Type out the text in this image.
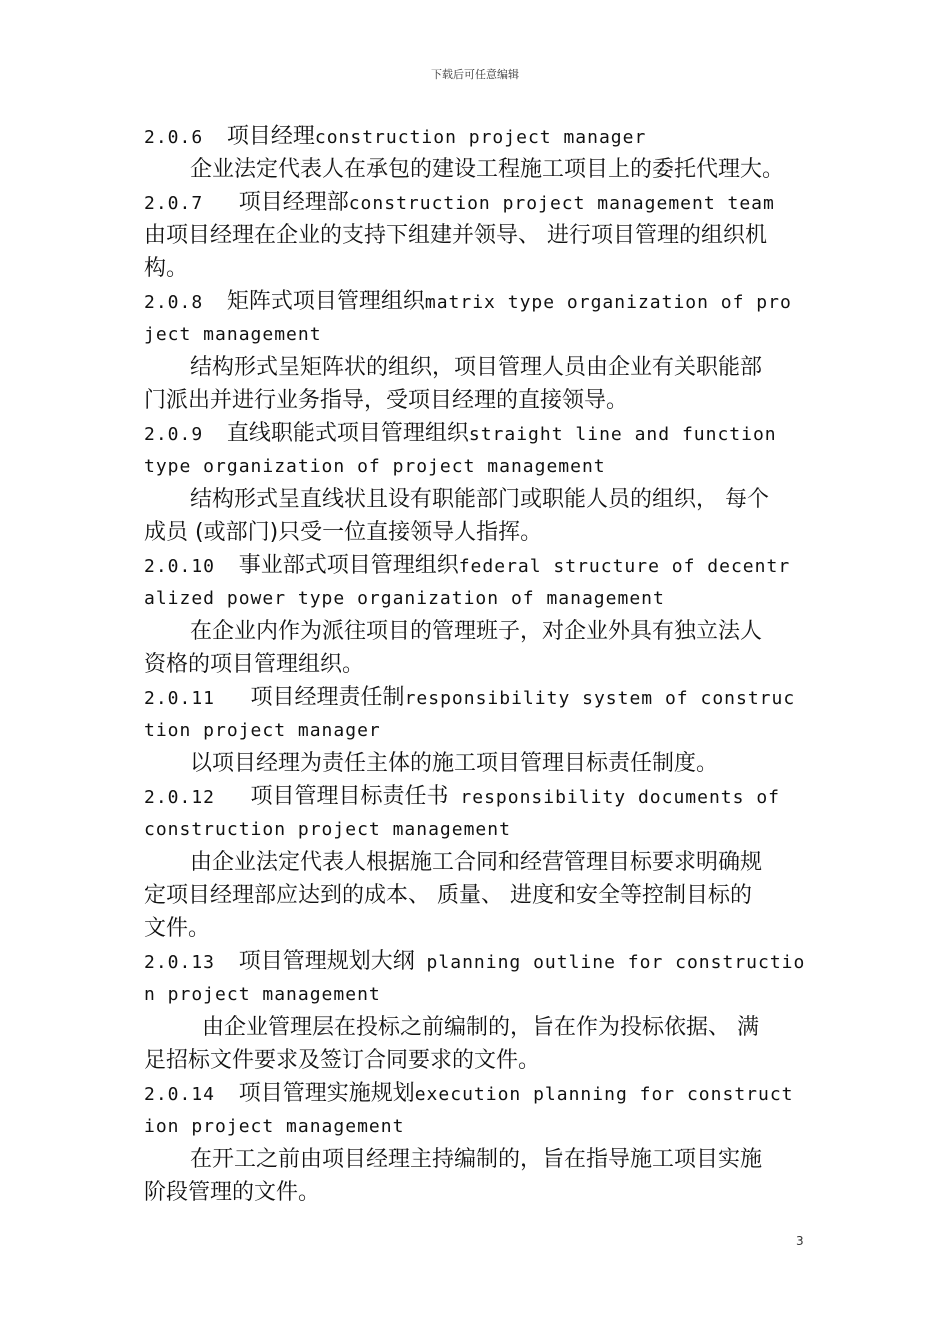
下载后可任意编辑
2.0.6  项目经理construction project manager
企业法定代表人在承包的建设工程施工项目上的委托代理大。
2.0.7   项目经理部construction project management team
由项目经理在企业的支持下组建并领导、 进行项目管理的组织机
构。
2.0.8  矩阵式项目管理组织matrix type organization of pro
ject management
结构形式呈矩阵状的组织，项目管理人员由企业有关职能部
门派出并进行业务指导，受项目经理的直接领导。
2.0.9  直线职能式项目管理组织straight line and function
type organization of project management
结构形式呈直线状且设有职能部门或职能人员的组织， 每个
成员 (或部门)只受一位直接领导人指挥。
2.0.10  事业部式项目管理组织federal structure of decentr
alized power type organization of management
在企业内作为派往项目的管理班子，对企业外具有独立法人
资格的项目管理组织。
2.0.11   项目经理责任制responsibility system of construc
tion project manager
以项目经理为责任主体的施工项目管理目标责任制度。
2.0.12   项目管理目标责任书 responsibility documents of
construction project management
由企业法定代表人根据施工合同和经营管理目标要求明确规
定项目经理部应达到的成本、 质量、 进度和安全等控制目标的
文件。
2.0.13  项目管理规划大纲 planning outline for constructio
n project management
由企业管理层在投标之前编制的，旨在作为投标依据、 满
足招标文件要求及签订合同要求的文件。
2.0.14  项目管理实施规划execution planning for construct
ion project management
在开工之前由项目经理主持编制的，旨在指导施工项目实施
阶段管理的文件。
3
